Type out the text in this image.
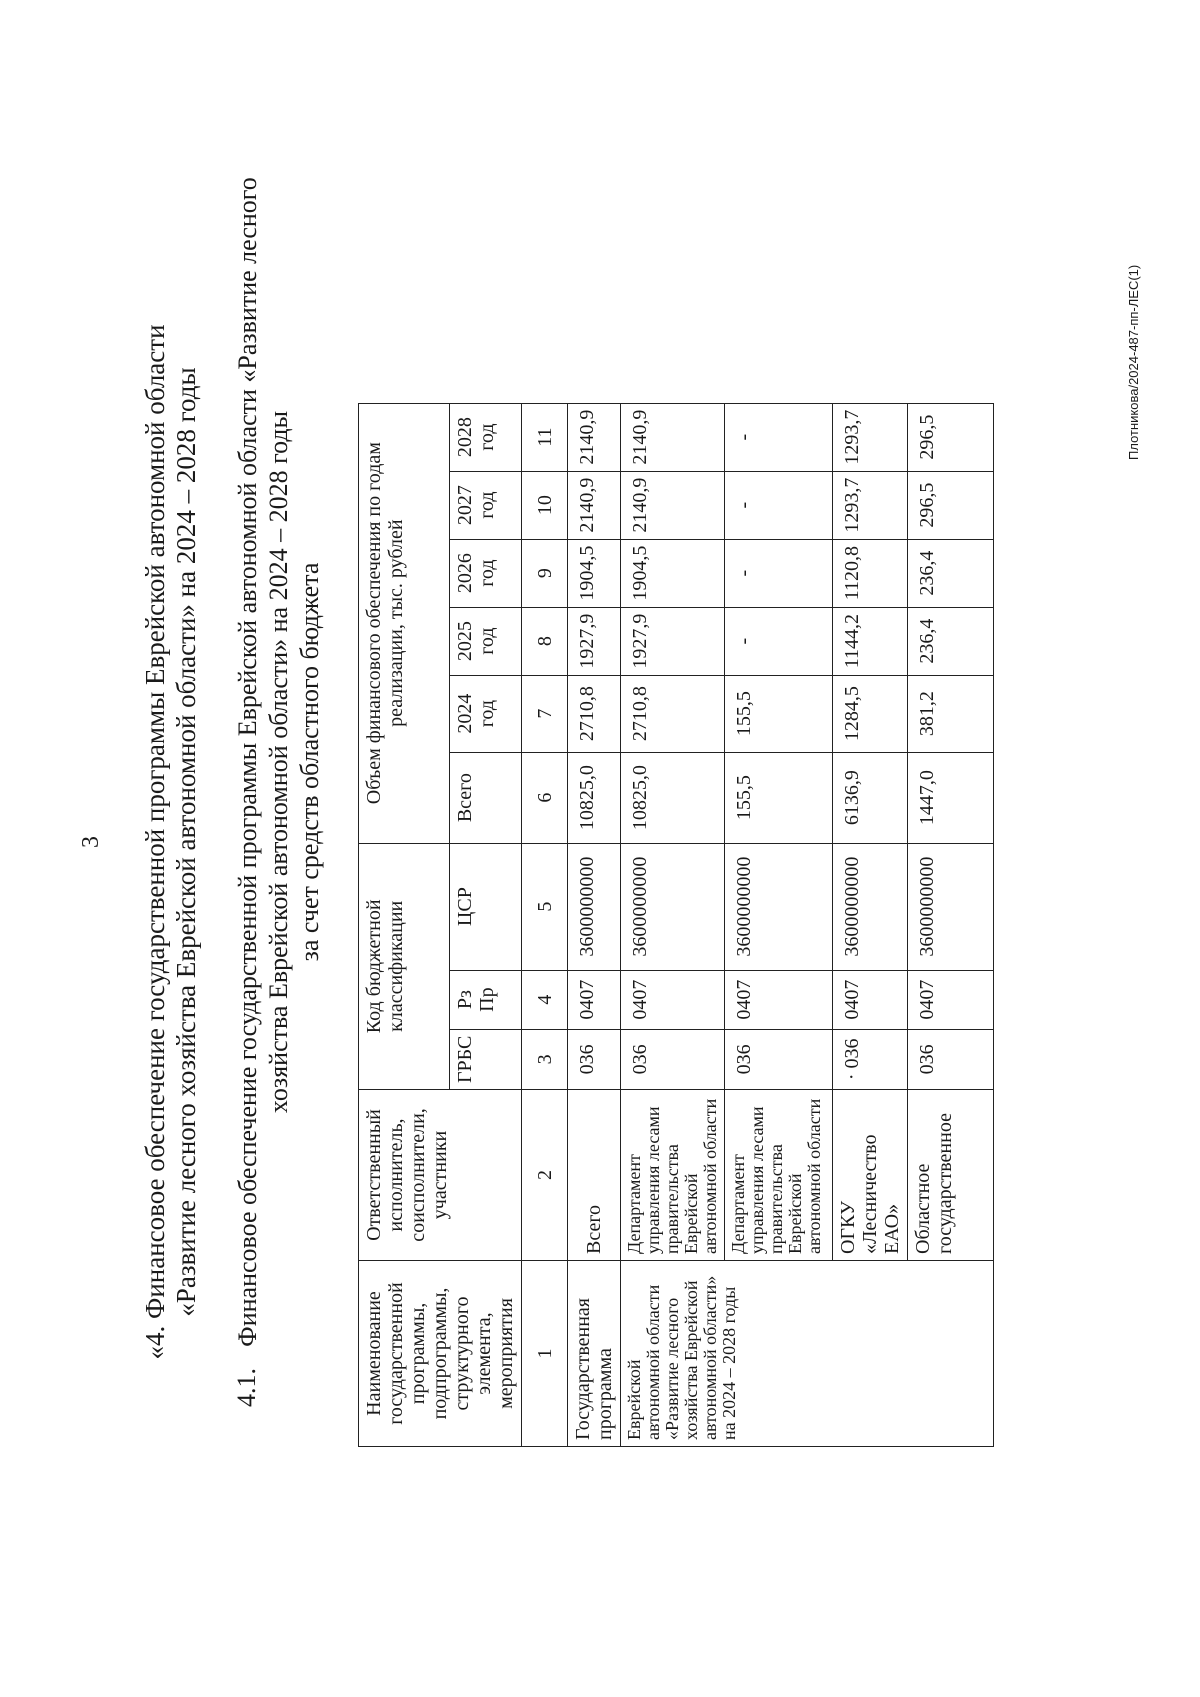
3 «4. Финансовое обеспечение государственной программы Еврейской автономной области «Развитие лесного хозяйства Еврейской автономной области» на 2024 – 2028 годы
4.1.
Финансовое обеспечение государственной программы Еврейской автономной области «Развитие лесного хозяйства Еврейской автономной области» на 2024 – 2028 годы за счет средств областного бюджета
Наименование государственной программы, подпрограммы, структурного элемента, мероприятия	Ответственный исполнитель, соисполнители, участники	Код бюджетной классификации			Объем финансового обеспечения по годам реализации, тыс. рублей					
		ГРБС	Рз Пр	ЦСР	Всего	2024 год	2025 год	2026 год	2027 год	2028 год
1	2	3	4	5	6	7	8	9	10	11
Государственная программа	Всего	036	0407	3600000000	10825,0	2710,8	1927,9	1904,5	2140,9	2140,9
Еврейской автономной области «Развитие лесного хозяйства Еврейской автономной области» на 2024 – 2028 годы	Департамент управления лесами правительства Еврейской автономной области	036	0407	3600000000	10825,0	2710,8	1927,9	1904,5	2140,9	2140,9
	Департамент управления лесами правительства Еврейской автономной области	036	0407	3600000000	155,5	155,5	-	-	-	-
	ОГКУ «Лесничество ЕАО»	· 036	0407	3600000000	6136,9	1284,5	1144,2	1120,8	1293,7	1293,7
	Областное государственное	036	0407	3600000000	1447,0	381,2	236,4	236,4	296,5	296,5	Плотникова/2024-487-пп-ЛЕС(1)
